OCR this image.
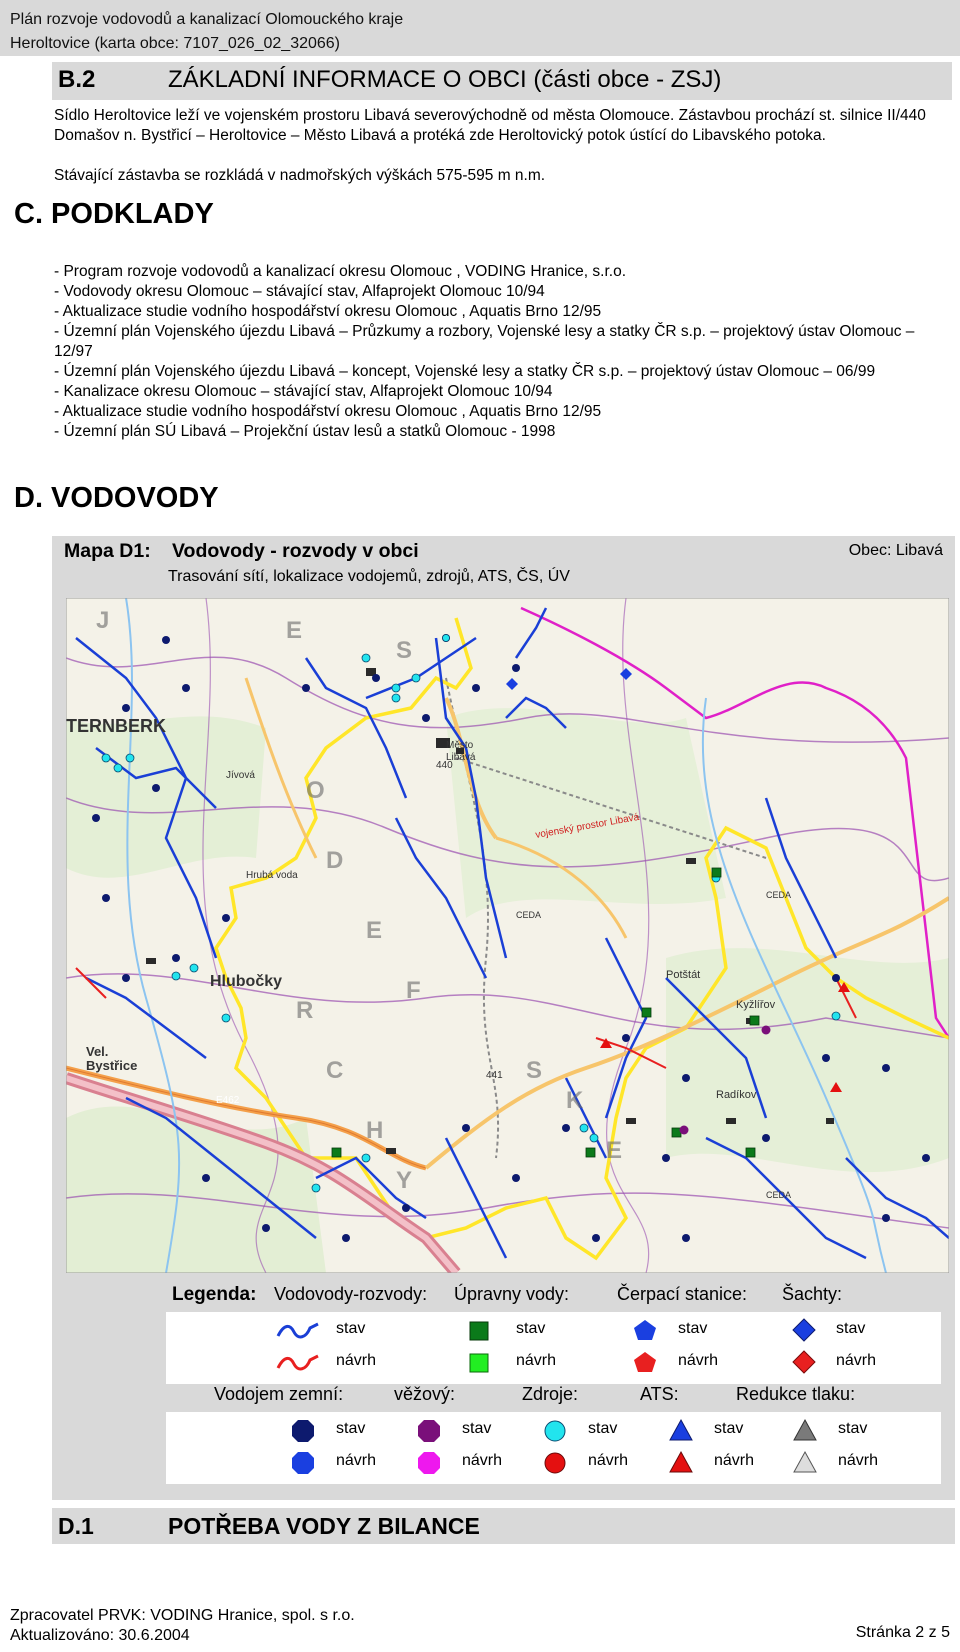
Plán rozvoje vodovodů a kanalizací Olomouckého kraje
Heroltovice (karta obce: 7107_026_02_32066)
B.2	ZÁKLADNÍ INFORMACE O OBCI (části obce - ZSJ)

Sídlo Heroltovice leží ve vojenském prostoru Libavá severovýchodně od města Olomouce. Zástavbou prochází st. silnice II/440 Domašov n. Bystřicí – Heroltovice – Město Libavá a protéká zde Heroltovický potok ústící do Libavského potoka.

Stávající zástavba se rozkládá v nadmořských výškách 575-595 m n.m.

C. PODKLADY
- Program rozvoje vodovodů a kanalizací okresu Olomouc , VODING Hranice, s.r.o.
- Vodovody okresu Olomouc – stávající stav, Alfaprojekt Olomouc 10/94
- Aktualizace studie vodního hospodářství okresu Olomouc , Aquatis Brno 12/95
- Územní plán Vojenského újezdu Libavá – Průzkumy a rozbory, Vojenské lesy a statky ČR s.p. – projektový ústav Olomouc – 12/97
- Územní plán Vojenského újezdu Libavá – koncept, Vojenské lesy a statky ČR s.p. – projektový ústav Olomouc – 06/99
- Kanalizace okresu Olomouc – stávající stav, Alfaprojekt Olomouc 10/94
- Aktualizace studie vodního hospodářství okresu Olomouc , Aquatis Brno 12/95
- Územní plán SÚ Libavá – Projekční ústav lesů a statků Olomouc - 1998
D. VODOVODY
Mapa D1: Vodovody - rozvody v obci	Obec: Libavá
Trasování sítí, lokalizace vodojemů, zdrojů, ATS, ČS, ÚV
E
S
O
D
E
F
R
C
H
Y
S
K
E
J
TERNBERK
Město
Libavá
Hlubočky
Vel.
Bystřice
Potštát
Kyžlířov
Radíkov
Jívová
Hrubá voda
vojenský prostor Libavá
E462
441
440
CEDA
CEDA
CEDA
Legenda: Vodovody-rozvody: Úpravny vody:	Čerpací stanice: Šachty:
stav
návrh
stav
návrh
stav
návrh
stav
návrh
Vodojem zemní:	věžový:	Zdroje:	ATS:	Redukce tlaku:
stav
návrh
stav
návrh
stav
návrh
stav
návrh
stav
návrh
D.1	POTŘEBA VODY Z BILANCE
Zpracovatel PRVK: VODING Hranice, spol. s r.o.
Aktualizováno: 30.6.2004	Stránka 2 z 5
